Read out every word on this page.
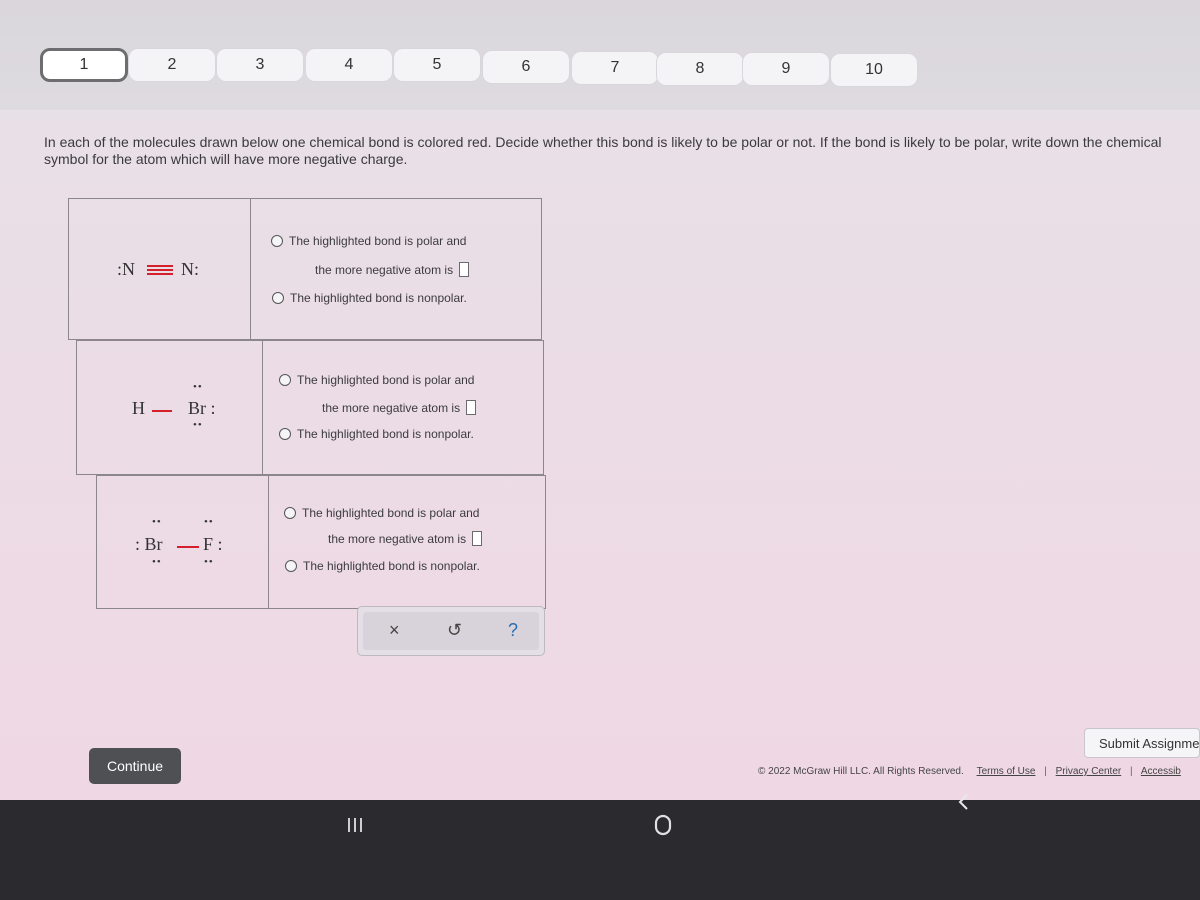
1	2	3	4	5	6	7	8	9	10
In each of the molecules drawn below one chemical bond is colored red. Decide whether this bond is likely to be polar or not. If the bond is likely to be polar, write down the chemical symbol for the atom which will have more negative charge.
:N	N:
The highlighted bond is polar and
the more negative atom is
The highlighted bond is nonpolar.
H
••
Br :
••
The highlighted bond is polar and
the more negative atom is
The highlighted bond is nonpolar.
••
: Br
••
••
F :
••
The highlighted bond is polar and
the more negative atom is
The highlighted bond is nonpolar.
×	↺	?
Continue
Submit Assignme
© 2022 McGraw Hill LLC. All Rights Reserved. Terms of Use | Privacy Center | Accessib
